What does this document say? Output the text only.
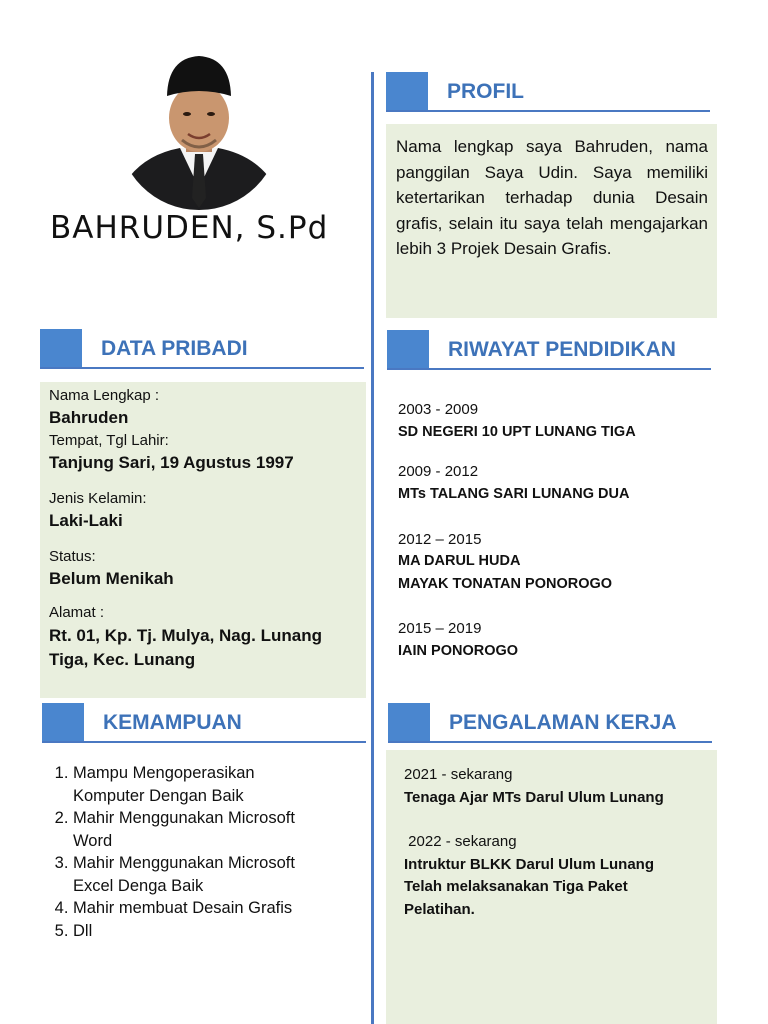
BAHRUDEN, S.Pd
PROFIL
Nama lengkap saya Bahruden, nama panggilan Saya Udin. Saya memiliki ketertarikan terhadap dunia Desain grafis, selain itu saya telah mengajarkan lebih 3 Projek Desain Grafis.
DATA PRIBADI
Nama Lengkap :
Bahruden
Tempat, Tgl Lahir:
Tanjung Sari, 19 Agustus 1997
Jenis Kelamin:
Laki-Laki
Status:
Belum Menikah
Alamat :
Rt. 01, Kp. Tj. Mulya, Nag. Lunang
Tiga, Kec. Lunang
RIWAYAT PENDIDIKAN
2003 - 2009
SD NEGERI 10 UPT LUNANG TIGA
2009 - 2012
MTs TALANG SARI LUNANG DUA
2012 – 2015
MA DARUL HUDA
MAYAK TONATAN PONOROGO
2015 – 2019
IAIN PONOROGO
KEMAMPUAN
1. Mampu Mengoperasikan
Komputer Dengan Baik
2. Mahir Menggunakan Microsoft
Word
3. Mahir Menggunakan Microsoft
Excel Denga Baik
4. Mahir membuat Desain Grafis
5. Dll
PENGALAMAN KERJA
2021 - sekarang
Tenaga Ajar MTs Darul Ulum Lunang
2022 - sekarang
Intruktur BLKK Darul Ulum Lunang
Telah melaksanakan Tiga Paket
Pelatihan.
